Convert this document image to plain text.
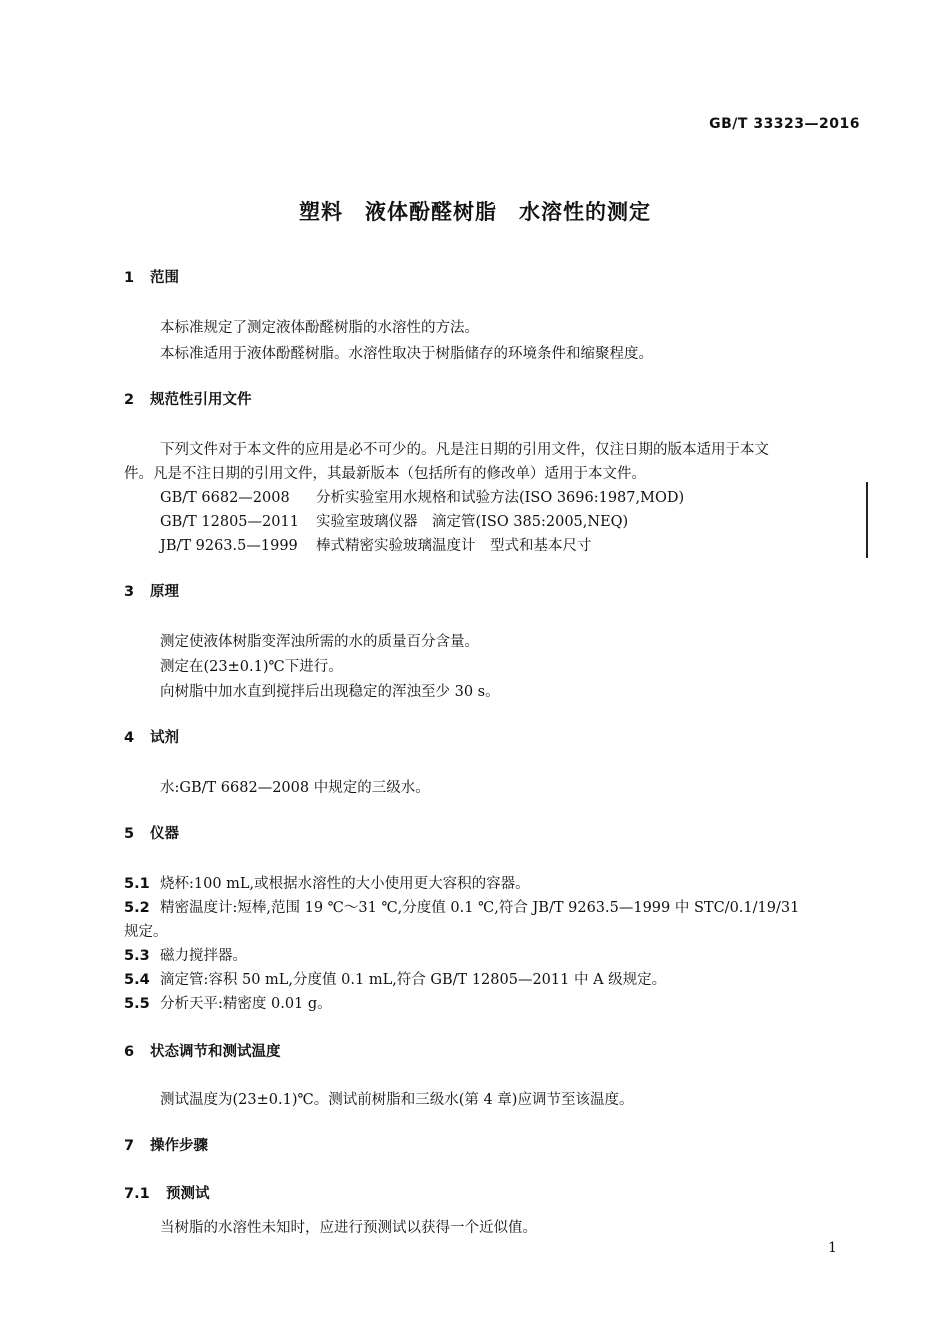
GB/T 33323—2016
塑料 液体酚醛树脂 水溶性的测定
1 范围
本标准规定了测定液体酚醛树脂的水溶性的方法。
本标准适用于液体酚醛树脂。水溶性取决于树脂储存的环境条件和缩聚程度。
2 规范性引用文件
下列文件对于本文件的应用是必不可少的。凡是注日期的引用文件，仅注日期的版本适用于本文
件。凡是不注日期的引用文件，其最新版本（包括所有的修改单）适用于本文件。
GB/T 6682—2008 分析实验室用水规格和试验方法(ISO 3696:1987,MOD)
GB/T 12805—2011 实验室玻璃仪器　滴定管(ISO 385:2005,NEQ)
JB/T 9263.5—1999 棒式精密实验玻璃温度计　型式和基本尺寸
3 原理
测定使液体树脂变浑浊所需的水的质量百分含量。
测定在(23±0.1)℃下进行。
向树脂中加水直到搅拌后出现稳定的浑浊至少 30 s。
4 试剂
水:GB/T 6682—2008 中规定的三级水。
5 仪器
5.1 烧杯:100 mL,或根据水溶性的大小使用更大容积的容器。
5.2 精密温度计:短棒,范围 19 ℃～31 ℃,分度值 0.1 ℃,符合 JB/T 9263.5—1999 中 STC/0.1/19/31
规定。
5.3 磁力搅拌器。
5.4 滴定管:容积 50 mL,分度值 0.1 mL,符合 GB/T 12805—2011 中 A 级规定。
5.5 分析天平:精密度 0.01 g。
6 状态调节和测试温度
测试温度为(23±0.1)℃。测试前树脂和三级水(第 4 章)应调节至该温度。
7 操作步骤
7.1 预测试
当树脂的水溶性未知时，应进行预测试以获得一个近似值。
1
